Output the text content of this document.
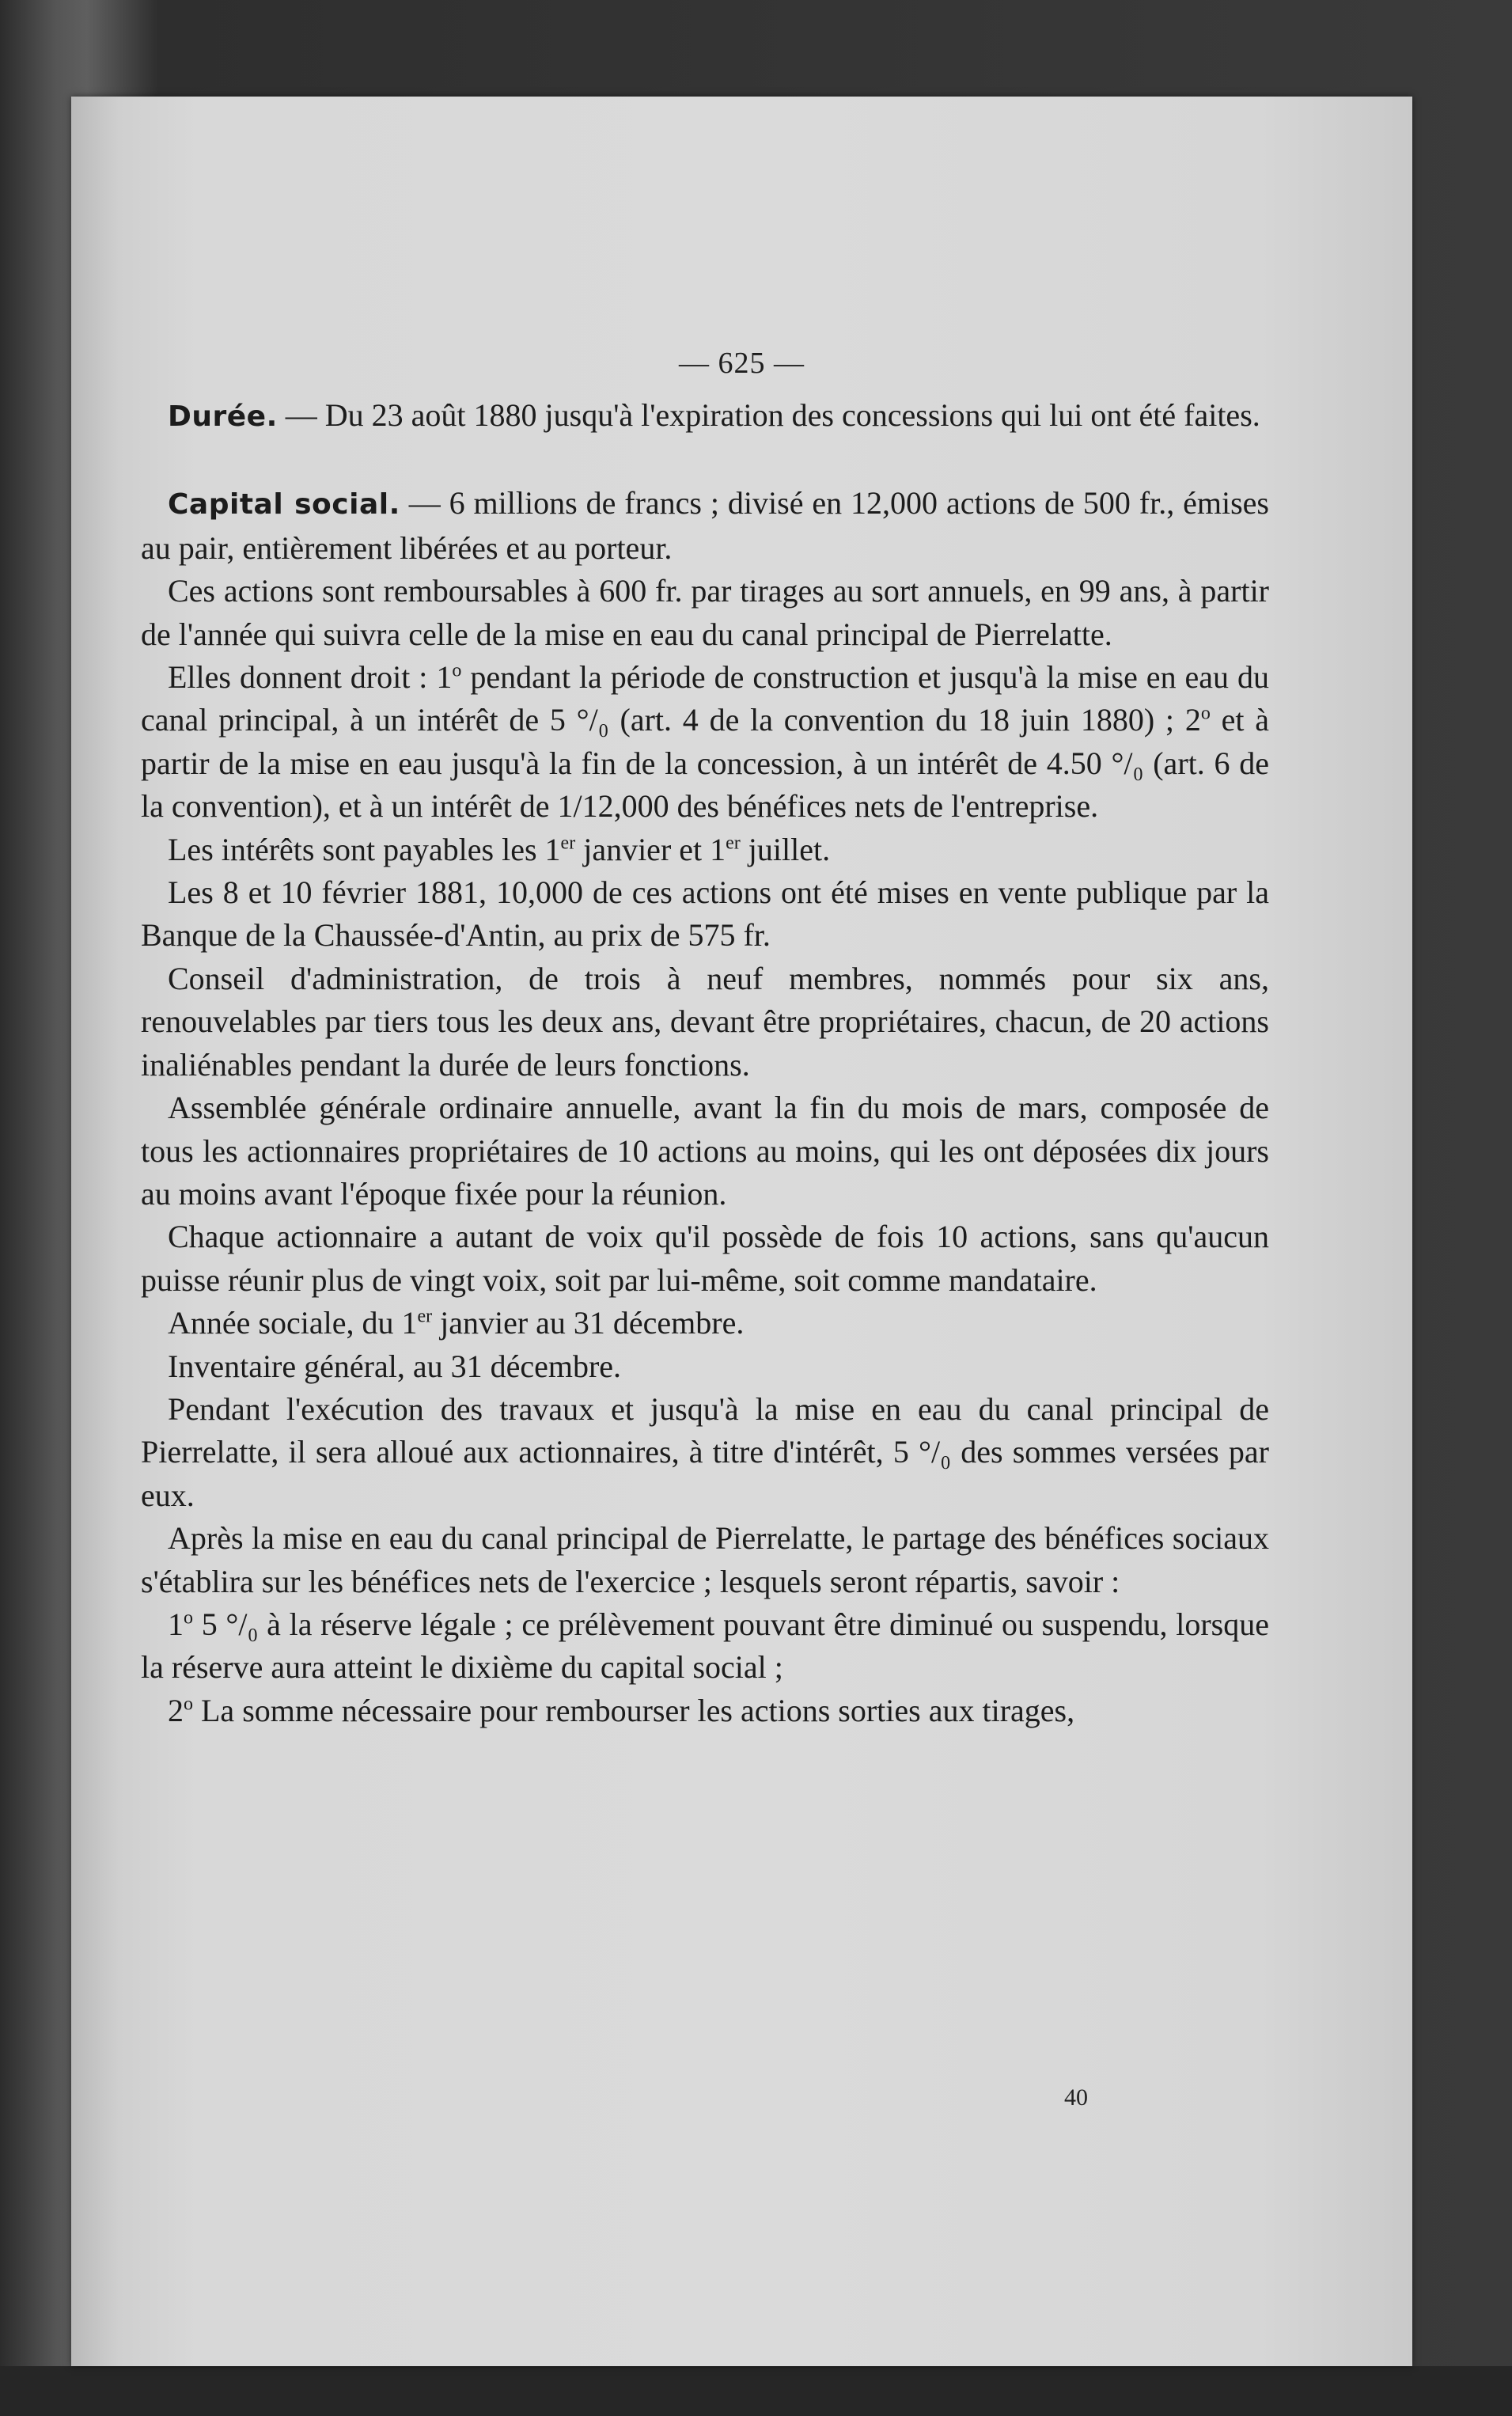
— 625 —

Durée. — Du 23 août 1880 jusqu'à l'expiration des concessions qui lui ont été faites.

Capital social. — 6 millions de francs ; divisé en 12,000 actions de 500 fr., émises au pair, entièrement libérées et au porteur.

Ces actions sont remboursables à 600 fr. par tirages au sort annuels, en 99 ans, à partir de l'année qui suivra celle de la mise en eau du canal principal de Pierrelatte.

Elles donnent droit : 1$^o$ pendant la période de construction et jusqu'à la mise en eau du canal principal, à un intérêt de 5 °/₀ (art. 4 de la convention du 18 juin 1880) ; 2$^o$ et à partir de la mise en eau jusqu'à la fin de la concession, à un intérêt de 4.50 °/₀ (art. 6 de la convention), et à un intérêt de 1/12,000 des bénéfices nets de l'entreprise.

Les intérêts sont payables les 1er janvier et 1er juillet.

Les 8 et 10 février 1881, 10,000 de ces actions ont été mises en vente publique par la Banque de la Chaussée-d'Antin, au prix de 575 fr.

Conseil d'administration, de trois à neuf membres, nommés pour six ans, renouvelables par tiers tous les deux ans, devant être propriétaires, chacun, de 20 actions inaliénables pendant la durée de leurs fonctions.

Assemblée générale ordinaire annuelle, avant la fin du mois de mars, composée de tous les actionnaires propriétaires de 10 actions au moins, qui les ont déposées dix jours au moins avant l'époque fixée pour la réunion.

Chaque actionnaire a autant de voix qu'il possède de fois 10 actions, sans qu'aucun puisse réunir plus de vingt voix, soit par lui-même, soit comme mandataire.

Année sociale, du 1er janvier au 31 décembre.

Inventaire général, au 31 décembre.

Pendant l'exécution des travaux et jusqu'à la mise en eau du canal principal de Pierrelatte, il sera alloué aux actionnaires, à titre d'intérêt, 5 °/₀ des sommes versées par eux.

Après la mise en eau du canal principal de Pierrelatte, le partage des bénéfices sociaux s'établira sur les bénéfices nets de l'exercice ; lesquels seront répartis, savoir :

1$^o$ 5 °/₀ à la réserve légale ; ce prélèvement pouvant être diminué ou suspendu, lorsque la réserve aura atteint le dixième du capital social ;

2$^o$ La somme nécessaire pour rembourser les actions sorties aux tirages,

40
